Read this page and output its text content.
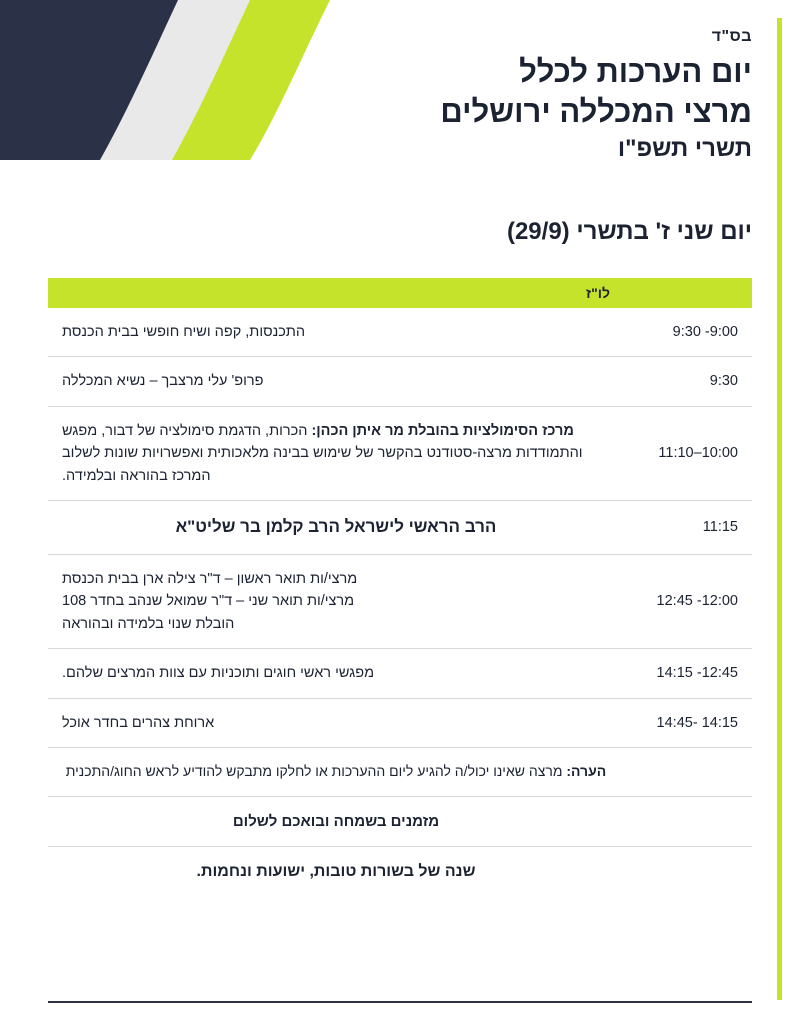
בס"ד
יום הערכות לכלל
מרצי המכללה ירושלים
תשרי תשפ"ו
יום שני ז' בתשרי (29/9)
	לו"ז
9:00- 9:30	התכנסות, קפה ושיח חופשי בבית הכנסת
9:30	פרופ' עלי מרצבך – נשיא המכללה
10:00–11:10	מרכז הסימולציות בהובלת מר איתן הכהן: הכרות, הדגמת סימולציה של דבור, מפגש והתמודדות מרצה-סטודנט בהקשר של שימוש בבינה מלאכותית ואפשרויות שונות לשלוב המרכז בהוראה ובלמידה.
11:15	הרב הראשי לישראל הרב קלמן בר שליט"א
12:00- 12:45	מרצי/ות תואר ראשון – ד"ר צילה ארן בבית הכנסת
מרצי/ות תואר שני – ד"ר שמואל שנהב בחדר 108
הובלת שנוי בלמידה ובהוראה
12:45- 14:15	מפגשי ראשי חוגים ותוכניות עם צוות המרצים שלהם.
14:15 -14:45	ארוחת צהרים בחדר אוכל
	הערה: מרצה שאינו יכול/ה להגיע ליום ההערכות או לחלקו מתבקש להודיע לראש החוג/התכנית
	מזמנים בשמחה ובואכם לשלום
	שנה של בשורות טובות, ישועות ונחמות.
